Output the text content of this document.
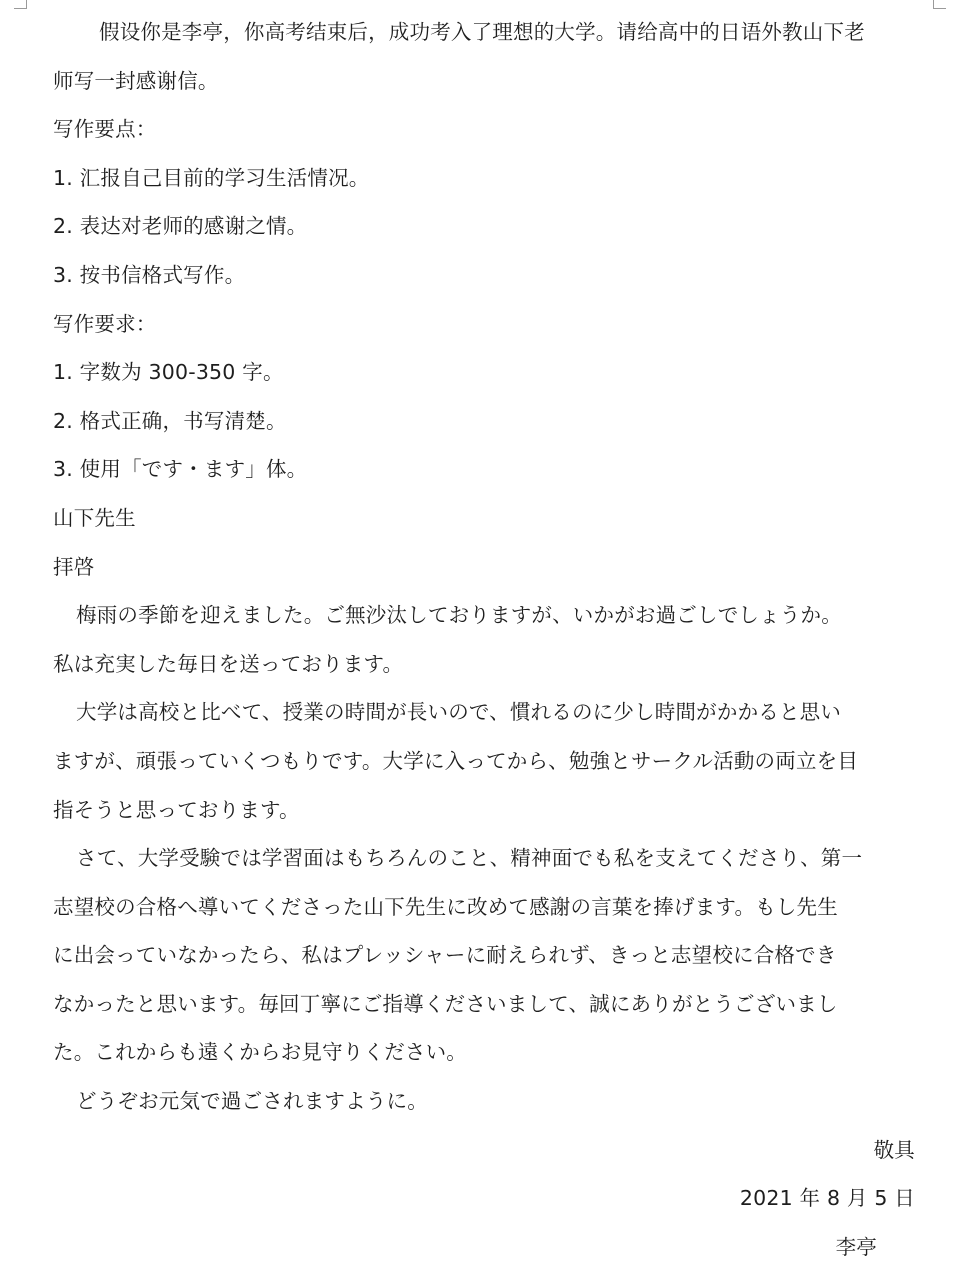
假设你是李亭，你高考结束后，成功考入了理想的大学。请给高中的日语外教山下老
师写一封感谢信。
写作要点：
1. 汇报自己目前的学习生活情况。
2. 表达对老师的感谢之情。
3. 按书信格式写作。
写作要求：
1. 字数为 300-350 字。
2. 格式正确，书写清楚。
3. 使用「です・ます」体。
山下先生
拝啓
梅雨の季節を迎えました。ご無沙汰しておりますが、いかがお過ごしでしょうか。
私は充実した毎日を送っております。
大学は高校と比べて、授業の時間が長いので、慣れるのに少し時間がかかると思い
ますが、頑張っていくつもりです。大学に入ってから、勉強とサークル活動の両立を目
指そうと思っております。
さて、大学受験では学習面はもちろんのこと、精神面でも私を支えてくださり、第一
志望校の合格へ導いてくださった山下先生に改めて感謝の言葉を捧げます。もし先生
に出会っていなかったら、私はプレッシャーに耐えられず、きっと志望校に合格でき
なかったと思います。毎回丁寧にご指導くださいまして、誠にありがとうございまし
た。これからも遠くからお見守りください。
どうぞお元気で過ごされますように。
敬具
2021 年 8 月 5 日
李亭
